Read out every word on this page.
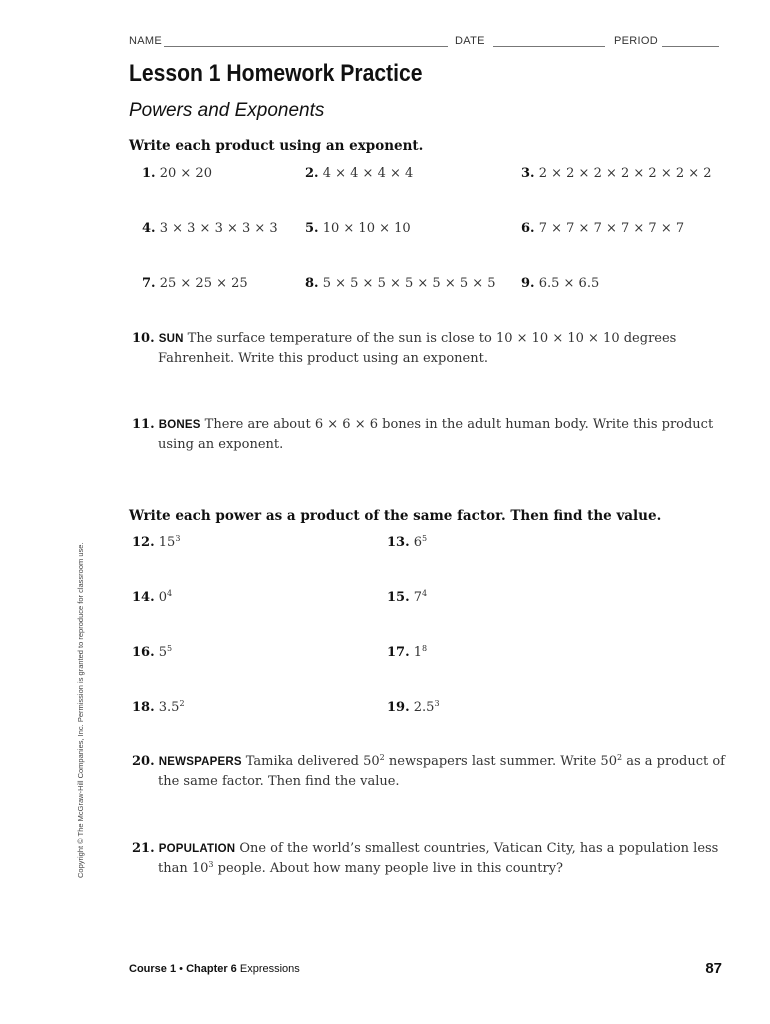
NAME	DATE	PERIOD
Lesson 1 Homework Practice
Powers and Exponents
Write each product using an exponent.
1. 20 × 20	2. 4 × 4 × 4 × 4	3. 2 × 2 × 2 × 2 × 2 × 2 × 2
4. 3 × 3 × 3 × 3 × 3 5. 10 × 10 × 10	6. 7 × 7 × 7 × 7 × 7 × 7
7. 25 × 25 × 25	8. 5 × 5 × 5 × 5 × 5 × 5 × 5 9. 6.5 × 6.5
10. SUN The surface temperature of the sun is close to 10 × 10 × 10 × 10 degrees
Fahrenheit. Write this product using an exponent.
11. BONES There are about 6 × 6 × 6 bones in the adult human body. Write this product
using an exponent.
Write each power as a product of the same factor. Then find the value.
12. $15^3$	13. $6^5$
14. $0^4$	15. $7^4$
16. $5^5$	17. $1^8$
18. $3.5^2$	19. $2.5^3$
20. NEWSPAPERS Tamika delivered $50^2$ newspapers last summer. Write $50^2$ as a product of
the same factor. Then find the value.
21. POPULATION One of the world’s smallest countries, Vatican City, has a population less
than $10^3$ people. About how many people live in this country?
Copyright © The McGraw-Hill Companies, Inc. Permission is granted to reproduce for classroom use.
Course 1 • Chapter 6 Expressions	87
